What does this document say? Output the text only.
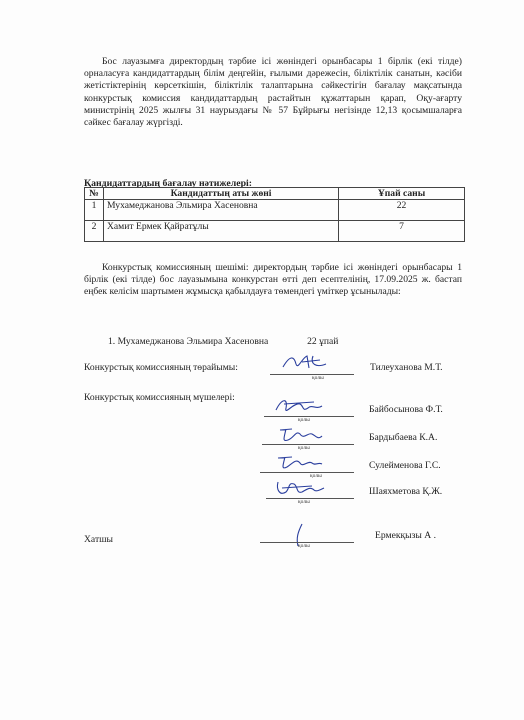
Бос лауазымға директордың тәрбие ісі жөніндегі орынбасары 1 бірлік (екі тілде) орналасуға кандидаттардың білім деңгейін, ғылыми дәрежесін, біліктілік санатын, кәсіби жетістіктерінің көрсеткішін, біліктілік талаптарына сәйкестігін бағалау мақсатында конкурстық комиссия кандидаттардың растайтын құжаттарын қарап, Оқу-ағарту министрінің 2025 жылғы 31 наурыздағы № 57 Бұйрығы негізінде 12,13 қосымшаларға сәйкес бағалау жүргізді.
Қандидаттардың бағалау нәтижелері:
№	Кандидаттың аты жөні	Ұпай саны
1	Мухамеджанова Эльмира Хасеновна	22
2	Хамит Ермек Қайратұлы	7
Конкурстық комиссияның шешімі: директордың тәрбие ісі жөніндегі орынбасары 1 бірлік (екі тілде) бос лауазымына конкурстан өтті деп есептелінің, 17.09.2025 ж. бастап еңбек келісім шартымен жұмысқа қабылдауға төмендегі үміткер ұсынылады:
1. Мухамеджанова Эльмира Хасеновна	22 ұпай
Конкурстық комиссияның төрайымы:
қолы
Тилеуханова М.Т.
Конкурстық комиссияның мүшелері:
қолы
Байбосынова Ф.Т.
қолы
Бардыбаева К.А.
қолы
Сулейменова Г.С.
қолы
Шаяхметова Қ.Ж.
Хатшы
қолы
Ермекқызы А .
